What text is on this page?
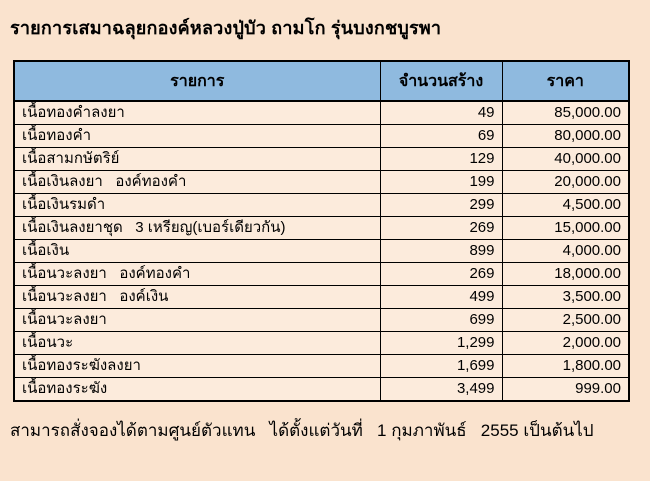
รายการเสมาฉลุยกองค์หลวงปู่บัว ถามโก รุ่นบงกชบูรพา
รายการ	จำนวนสร้าง	ราคา
เนื้อทองคำลงยา	49	85,000.00
เนื้อทองคำ	69	80,000.00
เนื้อสามกษัตริย์	129	40,000.00
เนื้อเงินลงยา   องค์ทองคำ	199	20,000.00
เนื้อเงินรมดำ	299	4,500.00
เนื้อเงินลงยาชุด   3 เหรียญ(เบอร์เดียวกัน)	269	15,000.00
เนื้อเงิน	899	4,000.00
เนื้อนวะลงยา   องค์ทองคำ	269	18,000.00
เนื้อนวะลงยา   องค์เงิน	499	3,500.00
เนื้อนวะลงยา	699	2,500.00
เนื้อนวะ	1,299	2,000.00
เนื้อทองระฆังลงยา	1,699	1,800.00
เนื้อทองระฆัง	3,499	999.00
สามารถสั่งจองได้ตามศูนย์ตัวแทน   ได้ตั้งแต่วันที่   1 กุมภาพันธ์   2555 เป็นต้นไป
